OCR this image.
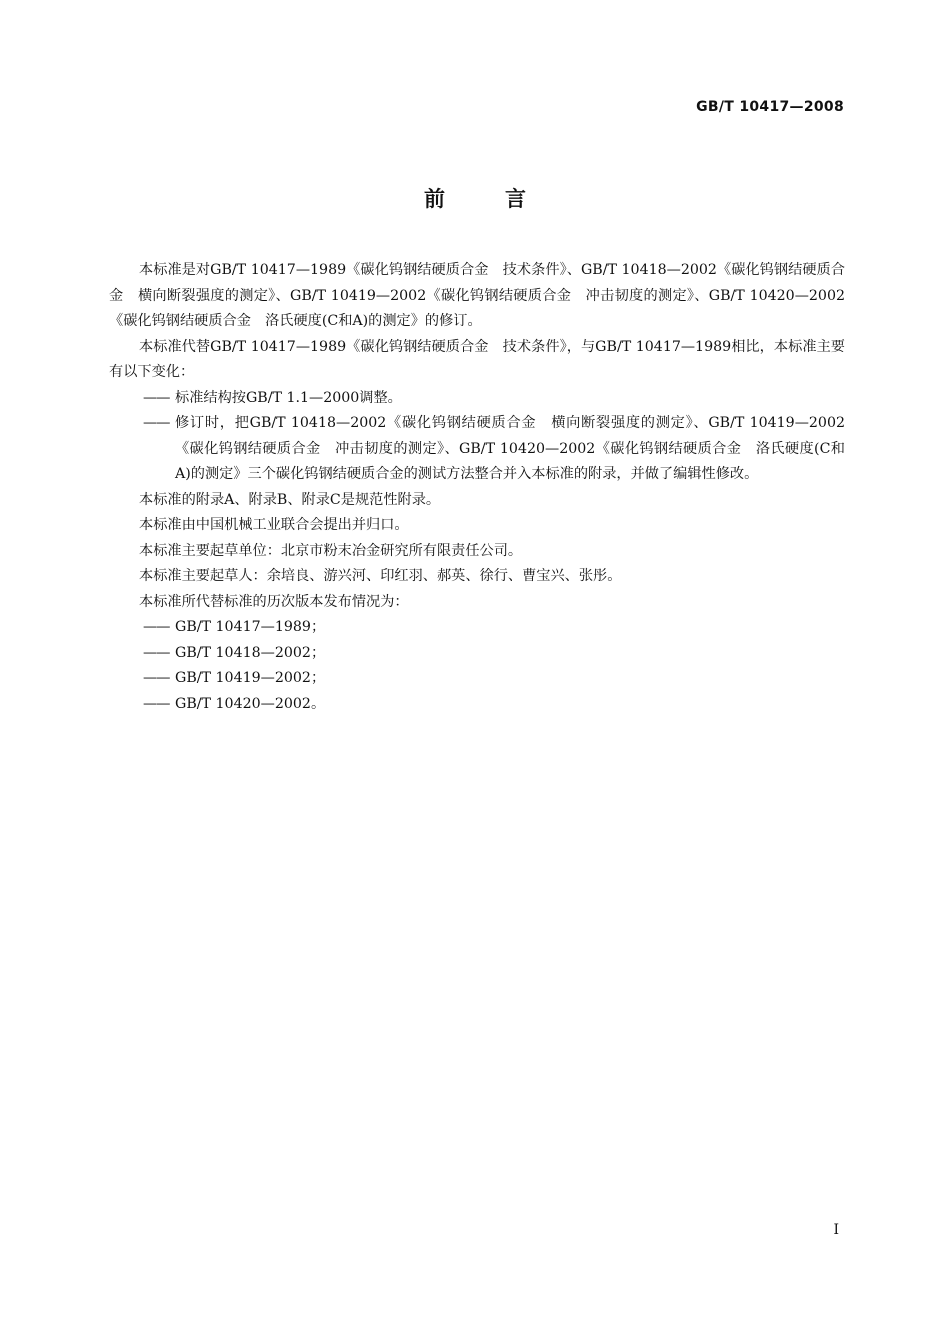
GB/T 10417—2008
前言

本标准是对GB/T 10417—1989《碳化钨钢结硬质合金　技术条件》、GB/T 10418—2002《碳化钨钢结硬质合金　横向断裂强度的测定》、GB/T 10419—2002《碳化钨钢结硬质合金　冲击韧度的测定》、GB/T 10420—2002《碳化钨钢结硬质合金　洛氏硬度(C和A)的测定》的修订。

本标准代替GB/T 10417—1989《碳化钨钢结硬质合金　技术条件》，与GB/T 10417—1989相比，本标准主要有以下变化：

—— 标准结构按GB/T 1.1—2000调整。

—— 修订时，把GB/T 10418—2002《碳化钨钢结硬质合金　横向断裂强度的测定》、GB/T 10419—2002《碳化钨钢结硬质合金　冲击韧度的测定》、GB/T 10420—2002《碳化钨钢结硬质合金　洛氏硬度(C和A)的测定》三个碳化钨钢结硬质合金的测试方法整合并入本标准的附录，并做了编辑性修改。

本标准的附录A、附录B、附录C是规范性附录。

本标准由中国机械工业联合会提出并归口。

本标准主要起草单位：北京市粉末冶金研究所有限责任公司。

本标准主要起草人：余培良、游兴河、印红羽、郝英、徐行、曹宝兴、张彤。

本标准所代替标准的历次版本发布情况为：

—— GB/T 10417—1989；

—— GB/T 10418—2002；

—— GB/T 10419—2002；

—— GB/T 10420—2002。

I
